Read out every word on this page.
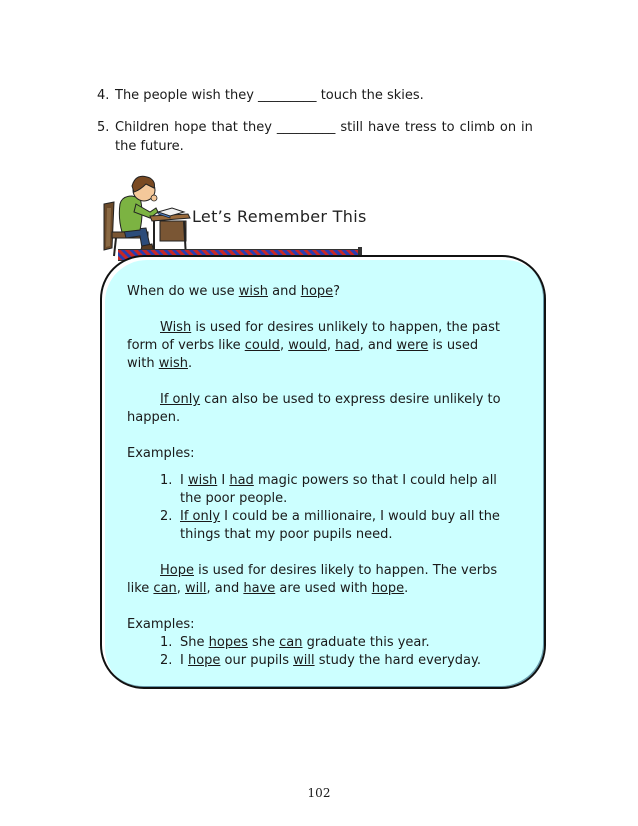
4. The people wish they _________ touch the skies.
5. Children hope that they _________ still have tress to climb on in
the future.
Let’s Remember This

When do we use wish and hope?

Wish is used for desires unlikely to happen, the past

form of verbs like could, would, had, and were is used

with wish.

If only can also be used to express desire unlikely to

happen.

Examples:

1. I wish I had magic powers so that I could help all

the poor people.

2. If only I could be a millionaire, I would buy all the

things that my poor pupils need.

Hope is used for desires likely to happen. The verbs

like can, will, and have are used with hope.

Examples:

1. She hopes she can graduate this year.

2. I hope our pupils will study the hard everyday.

102
